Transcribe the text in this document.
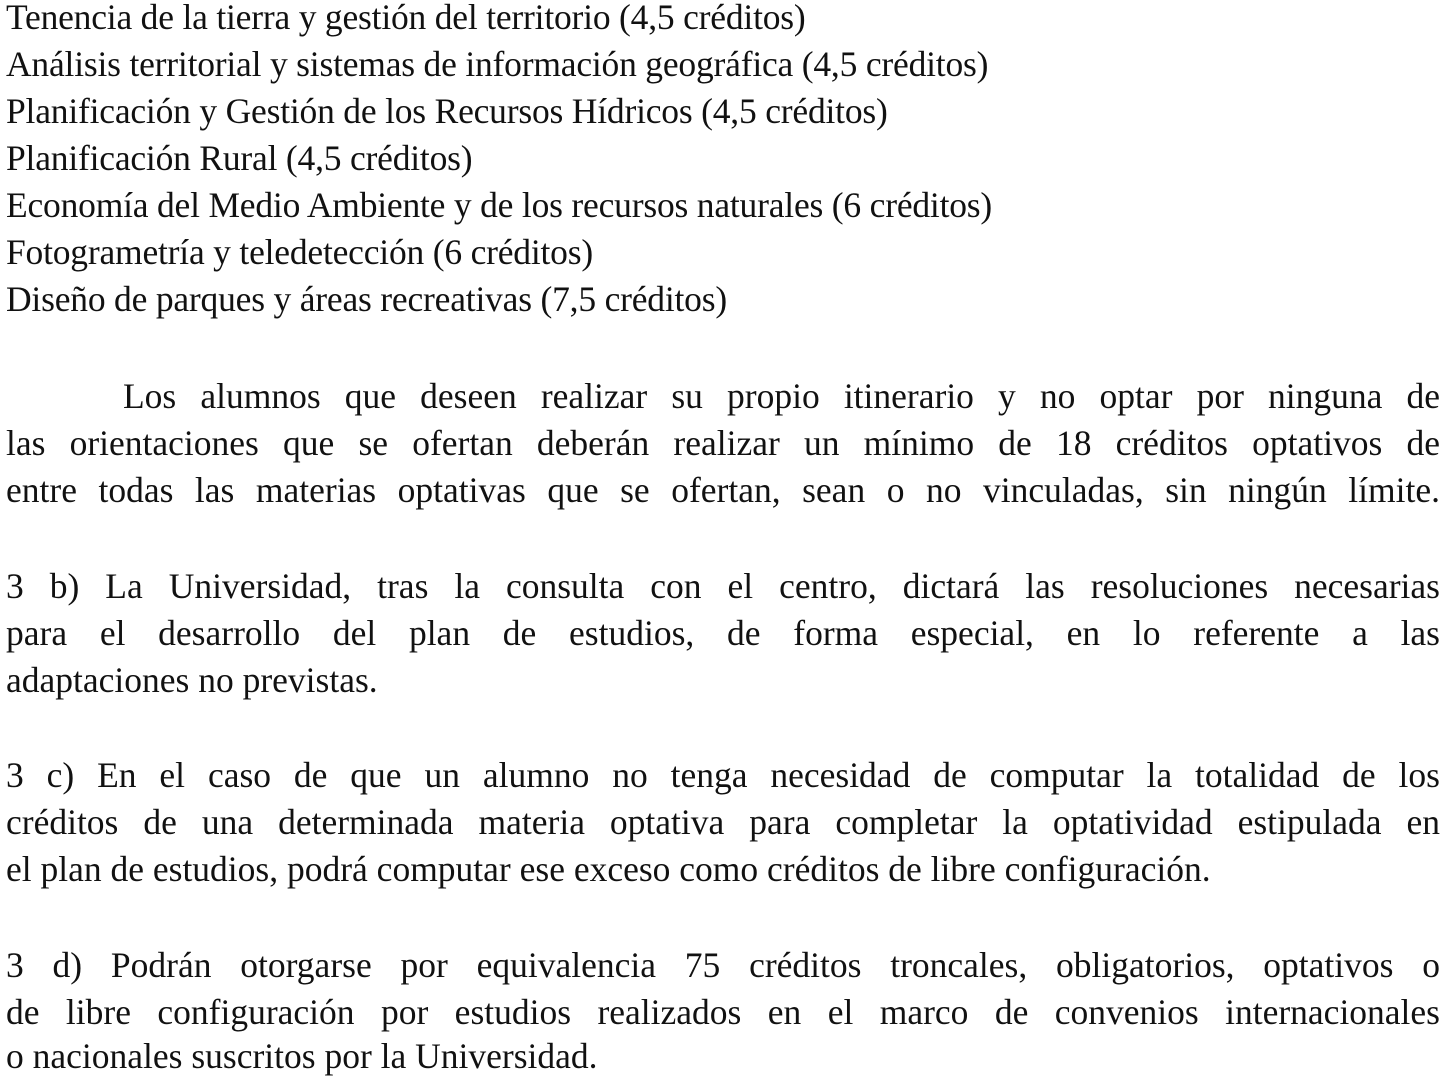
Tenencia de la tierra y gestión del territorio (4,5 créditos)
Análisis territorial y sistemas de información geográfica (4,5 créditos)
Planificación y Gestión de los Recursos Hídricos (4,5 créditos)
Planificación Rural (4,5 créditos)
Economía del Medio Ambiente y de los recursos naturales (6 créditos)
Fotogrametría y teledetección (6 créditos)
Diseño de parques y áreas recreativas (7,5 créditos)
Los alumnos que deseen realizar su propio itinerario y no optar por ninguna de
las orientaciones que se ofertan deberán realizar un mínimo de 18 créditos optativos de
entre todas las materias optativas que se ofertan, sean o no vinculadas, sin ningún límite.
3 b) La Universidad, tras la consulta con el centro, dictará las resoluciones necesarias
para el desarrollo del plan de estudios, de forma especial, en lo referente a las
adaptaciones no previstas.
3 c) En el caso de que un alumno no tenga necesidad de computar la totalidad de los
créditos de una determinada materia optativa para completar la optatividad estipulada en
el plan de estudios, podrá computar ese exceso como créditos de libre configuración.
3 d) Podrán otorgarse por equivalencia 75 créditos troncales, obligatorios, optativos o
de libre configuración por estudios realizados en el marco de convenios internacionales
o nacionales suscritos por la Universidad.
